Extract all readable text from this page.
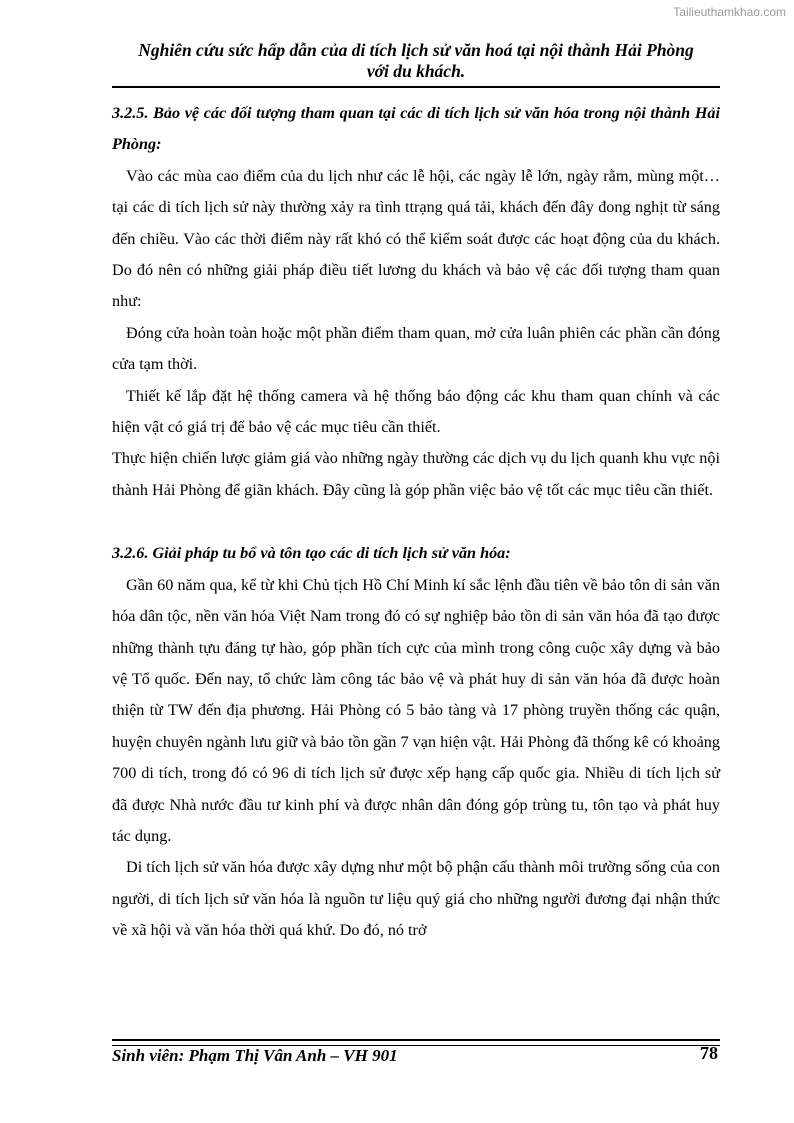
Tailieuthamkhao.com
Nghiên cứu sức hấp dẫn của di tích lịch sử văn hoá tại nội thành Hải Phòng
với du khách.

3.2.5. Bảo vệ các đối tượng tham quan tại các di tích lịch sử văn hóa trong nội thành Hải Phòng:

Vào các mùa cao điểm của du lịch như các lễ hội, các ngày lễ lớn, ngày rằm, mùng một…tại các di tích lịch sử này thường xảy ra tình ttrạng quá tải, khách đến đây đong nghịt từ sáng đến chiều. Vào các thời điểm này rất khó có thể kiểm soát được các hoạt động của du khách. Do đó nên có những giải pháp điều tiết lương du khách và bảo vệ các đối tượng tham quan như:

Đóng cửa hoàn toàn hoặc một phần điểm tham quan, mở cửa luân phiên các phần cần đóng cửa tạm thời.

Thiết kế lắp đặt hệ thống camera và hệ thống báo động các khu tham quan chính và các hiện vật có giá trị để bảo vệ các mục tiêu cần thiết.

Thực hiện chiến lược giảm giá vào những ngày thường các dịch vụ du lịch quanh khu vực nội thành Hải Phòng để giãn khách. Đây cũng là góp phần việc bảo vệ tốt các mục tiêu cần thiết.

3.2.6. Giải pháp tu bổ và tôn tạo các di tích lịch sử văn hóa:

Gần 60 năm qua, kể từ khi Chủ tịch Hồ Chí Minh kí sắc lệnh đầu tiên về bảo tôn di sản văn hóa dân tộc, nền văn hóa Việt Nam trong đó có sự nghiệp bảo tồn di sản văn hóa đã tạo được những thành tựu đáng tự hào, góp phần tích cực của mình trong công cuộc xây dựng và bảo vệ Tổ quốc. Đến nay, tổ chức làm công tác bảo vệ và phát huy di sản văn hóa đã được hoàn thiện từ TW đến địa phương. Hải Phòng có 5 bảo tàng và 17 phòng truyền thống các quận, huyện chuyên ngành lưu giữ và bảo tồn gần 7 vạn hiện vật. Hải Phòng đã thống kê có khoảng 700 di tích, trong đó có 96 di tích lịch sử được xếp hạng cấp quốc gia. Nhiều di tích lịch sử đã được Nhà nước đầu tư kinh phí và được nhân dân đóng góp trùng tu, tôn tạo và phát huy tác dụng.

Di tích lịch sử văn hóa được xây dựng như một bộ phận cấu thành môi trường sống của con người, di tích lịch sử văn hóa là nguồn tư liệu quý giá cho những người đương đại nhận thức về xã hội và văn hóa thời quá khứ. Do đó, nó trở

Sinh viên: Phạm Thị Vân Anh – VH 901	78
